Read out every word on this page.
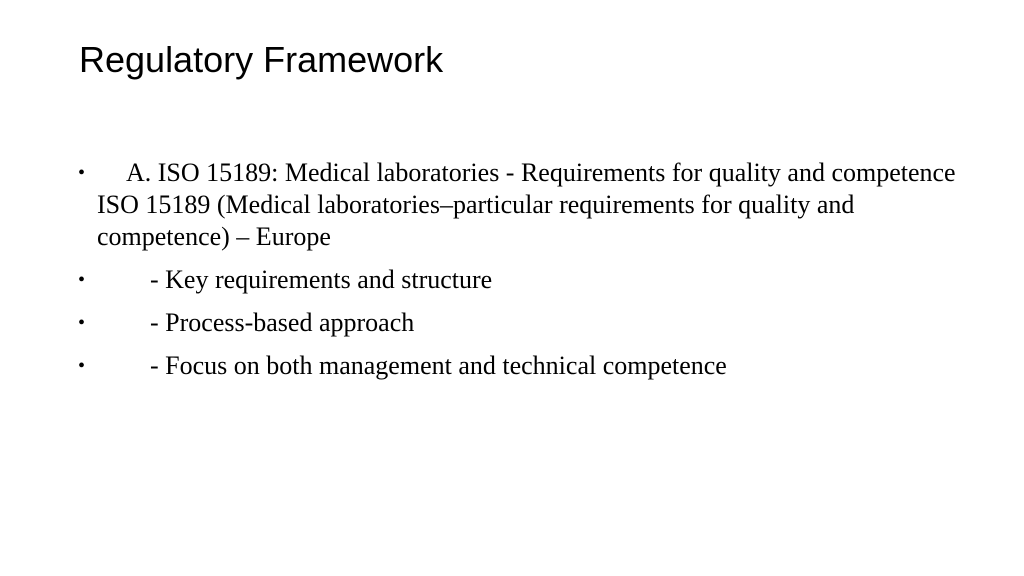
Regulatory Framework
•	A. ISO 15189: Medical laboratories - Requirements for quality and competence ISO 15189 (Medical laboratories–particular requirements for quality and competence) – Europe
•	- Key requirements and structure
•	- Process-based approach
•	- Focus on both management and technical competence
